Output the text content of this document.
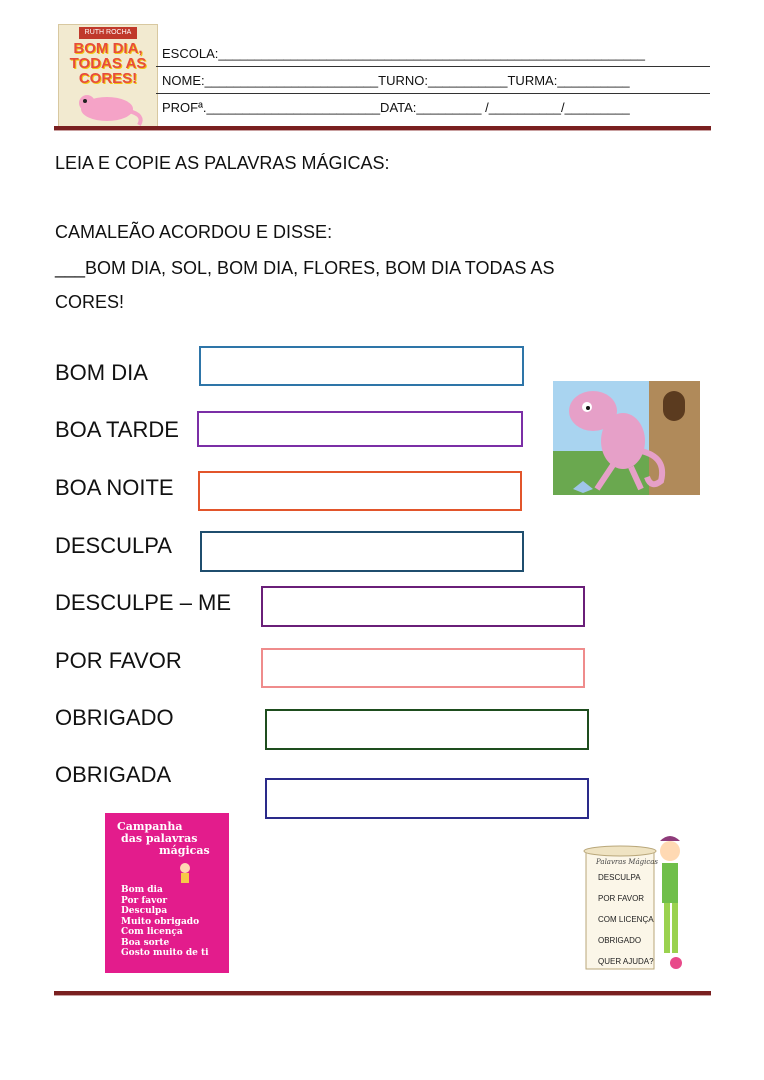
RUTH ROCHA
BOM DIA, TODAS AS CORES!
ESCOLA:___________________________________________________________
NOME:________________________TURNO:___________TURMA:__________
PROFª.________________________DATA:_________ /__________/_________
LEIA E COPIE AS PALAVRAS MÁGICAS:
CAMALEÃO ACORDOU E DISSE:
___BOM DIA, SOL, BOM DIA, FLORES, BOM DIA TODAS AS
CORES!
BOM DIA
BOA TARDE
BOA NOITE
DESCULPA
DESCULPE – ME
POR FAVOR
OBRIGADO
OBRIGADA
Campanha
das palavras
mágicas
Bom dia
Por favor
Desculpa
Muito obrigado
Com licença
Boa sorte
Gosto muito de ti
Palavras Mágicas
DESCULPA
POR FAVOR
COM LICENÇA
OBRIGADO
QUER AJUDA?
